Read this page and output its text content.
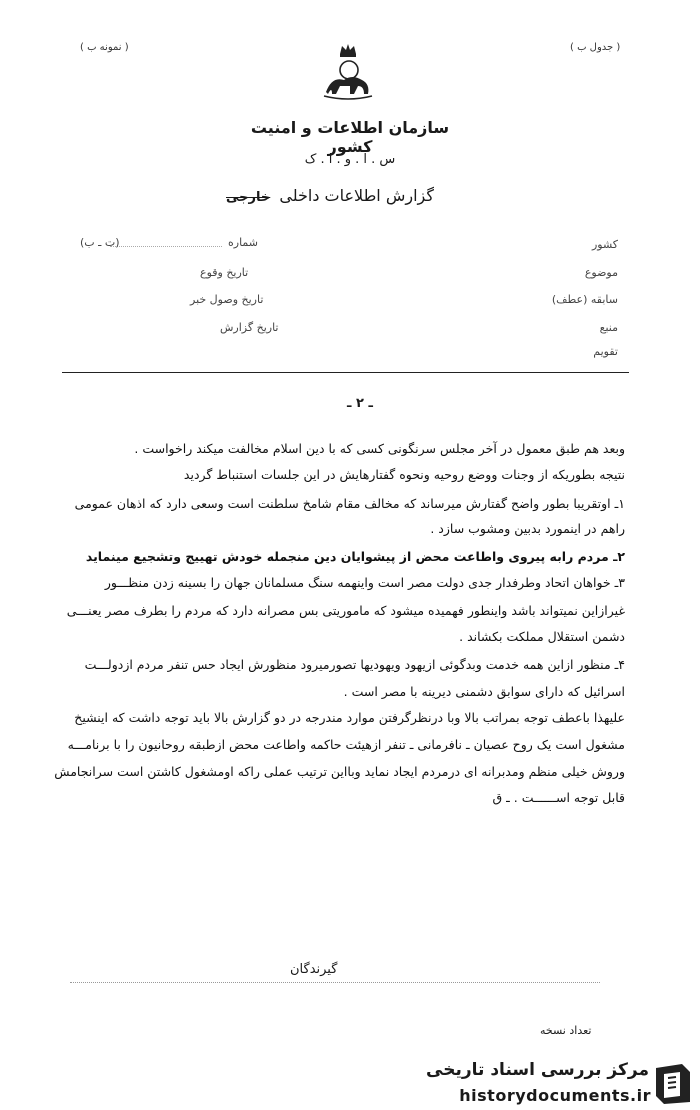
( نمونه ب )	( جدول ب )
سازمان اطلاعات و امنیت کشور
س . ا . و . ا . ک
گزارش اطلاعات داخلی خارجی
کشور
شماره
(ت ـ ب)
موضوع
تاریخ وقوع
سابقه (عطف)
تاریخ وصول خبر
منبع
تاریخ گزارش
تقویم
ـ ۲ ـ
وبعد هم طبق معمول در آخر مجلس سرنگونی کسی که با دین اسلام مخالفت میکند راخواست .
نتیجه بطوریکه از وجنات ووضع روحیه ونحوه گفتارهایش در این جلسات استنباط گردید
۱ـ اوتقریبا بطور واضح گفتارش میرساند که مخالف مقام شامخ سلطنت است وسعی دارد که اذهان عمومی
راهم در اینمورد بدبین ومشوب سازد .
۲ـ مردم رابه پیروی واطاعت محض از پیشوایان دین منجمله خودش تهییج وتشجیع مینماید
۳ـ خواهان اتحاد وطرفدار جدی دولت مصر است واینهمه سنگ مسلمانان جهان را بسینه زدن منظـــور
غیرازاین نمیتواند باشد واینطور فهمیده میشود که ماموریتی بس مصرانه دارد که مردم را بطرف مصر یعنـــی
دشمن استقلال مملکت بکشاند .
۴ـ منظور ازاین همه خدمت وبدگوئی ازیهود ویهودیها تصورمیرود منظورش ایجاد حس تنفر مردم ازدولـــت
اسرائیل که دارای سوابق دشمنی دیرینه با مصر است .
علیهذا باعطف توجه بمراتب بالا وبا درنظرگرفتن موارد مندرجه در دو گزارش بالا باید توجه داشت که اینشیخ
مشغول است یک روح عصیان ـ نافرمانی ـ تنفر ازهیئت حاکمه واطاعت محض ازطبقه روحانیون را با برنامـــه
وروش خیلی منظم ومدبرانه ای درمردم ایجاد نماید وبااین ترتیب عملی راکه اومشغول کاشتن است سرانجامش
قابل توجه اســــــت . ـ ق
گیرندگان
تعداد نسخه
مرکز بررسی اسناد تاریخی
historydocuments.ir
